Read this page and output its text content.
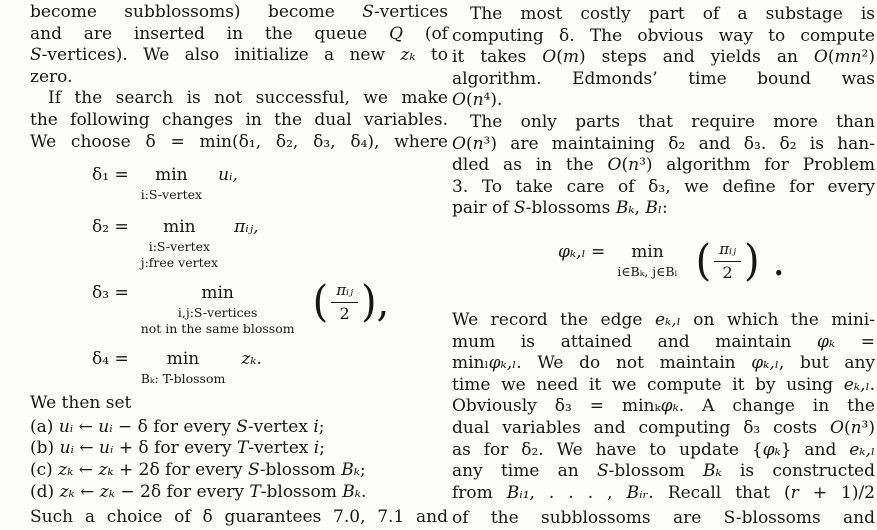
become subblossoms) become S-vertices
and are inserted in the queue Q (of
S-vertices). We also initialize a new zₖ to
zero.
If the search is not successful, we make
the following changes in the dual variables.
We choose δ = min(δ₁, δ₂, δ₃, δ₄), where
δ₁ =	min
i:S-vertex
uᵢ,
δ₂ =	min
i:S-vertex
j:free vertex
πᵢⱼ,
δ₃ =	min
i,j:S-vertices
not in the same blossom
( $\frac{\text{πᵢⱼ}}{2}$ ),
δ₄ =	min
Bₖ: T-blossom
zₖ.
We then set
(a) uᵢ ← uᵢ − δ for every S-vertex i;
(b) uᵢ ← uᵢ + δ for every T-vertex i;
(c) zₖ ← zₖ + 2δ for every S-blossom Bₖ;
(d) zₖ ← zₖ − 2δ for every T-blossom Bₖ.
Such a choice of δ guarantees 7.0, 7.1 and
The most costly part of a substage is
computing δ. The obvious way to compute
it takes O(m) steps and yields an O(mn²)
algorithm. Edmonds’ time bound was
O(n⁴).
The only parts that require more than
O(n³) are maintaining δ₂ and δ₃. δ₂ is han-
dled as in the O(n³) algorithm for Problem
3. To take care of δ₃, we define for every
pair of S-blossoms Bₖ, Bₗ:
φₖ,ₗ =	min
i∈Bₖ, j∈Bₗ ( $\frac{\text{πᵢⱼ}}{2}$ ) .
We record the edge eₖ,ₗ on which the mini-
mum is attained and maintain φₖ =
minₗφₖ,ₗ. We do not maintain φₖ,ₗ, but any
time we need it we compute it by using eₖ,ₗ.
Obviously δ₃ = minₖφₖ. A change in the
dual variables and computing δ₃ costs O(n³)
as for δ₂. We have to update {φₖ} and eₖ,ₗ
any time an S-blossom Bₖ is constructed
from Bᵢ₁, . . . , Bᵢᵣ. Recall that (r + 1)/2
of the subblossoms are S-blossoms and
